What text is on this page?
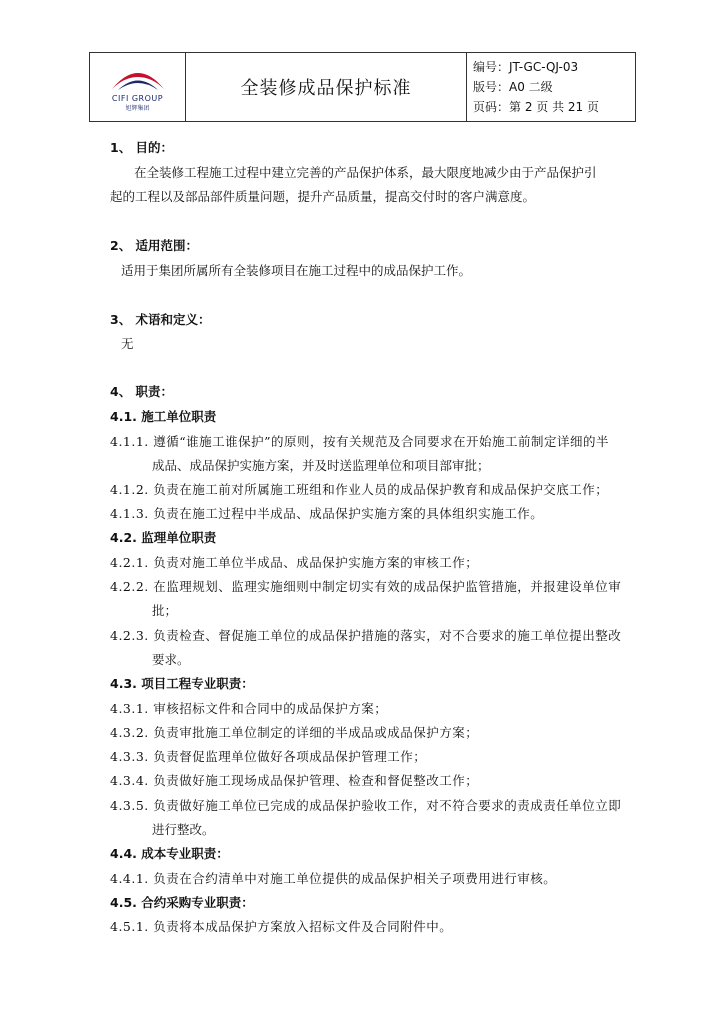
CIFI GROUP
旭辉集团
全装修成品保护标准
编号：JT-GC-QJ-03
版号：A0 二级
页码：第 2 页 共 21 页
1、 目的：
在全装修工程施工过程中建立完善的产品保护体系，最大限度地减少由于产品保护引
起的工程以及部品部件质量问题，提升产品质量，提高交付时的客户满意度。
2、 适用范围：
适用于集团所属所有全装修项目在施工过程中的成品保护工作。
3、 术语和定义：
无
4、 职责：
4.1. 施工单位职责
4.1.1. 遵循“谁施工谁保护”的原则，按有关规范及合同要求在开始施工前制定详细的半
成品、成品保护实施方案，并及时送监理单位和项目部审批；
4.1.2. 负责在施工前对所属施工班组和作业人员的成品保护教育和成品保护交底工作；
4.1.3. 负责在施工过程中半成品、成品保护实施方案的具体组织实施工作。
4.2. 监理单位职责
4.2.1. 负责对施工单位半成品、成品保护实施方案的审核工作；
4.2.2. 在监理规划、监理实施细则中制定切实有效的成品保护监管措施，并报建设单位审
批；
4.2.3. 负责检查、督促施工单位的成品保护措施的落实，对不合要求的施工单位提出整改
要求。
4.3. 项目工程专业职责：
4.3.1. 审核招标文件和合同中的成品保护方案；
4.3.2. 负责审批施工单位制定的详细的半成品或成品保护方案；
4.3.3. 负责督促监理单位做好各项成品保护管理工作；
4.3.4. 负责做好施工现场成品保护管理、检查和督促整改工作；
4.3.5. 负责做好施工单位已完成的成品保护验收工作，对不符合要求的责成责任单位立即
进行整改。
4.4. 成本专业职责：
4.4.1. 负责在合约清单中对施工单位提供的成品保护相关子项费用进行审核。
4.5. 合约采购专业职责：
4.5.1. 负责将本成品保护方案放入招标文件及合同附件中。
